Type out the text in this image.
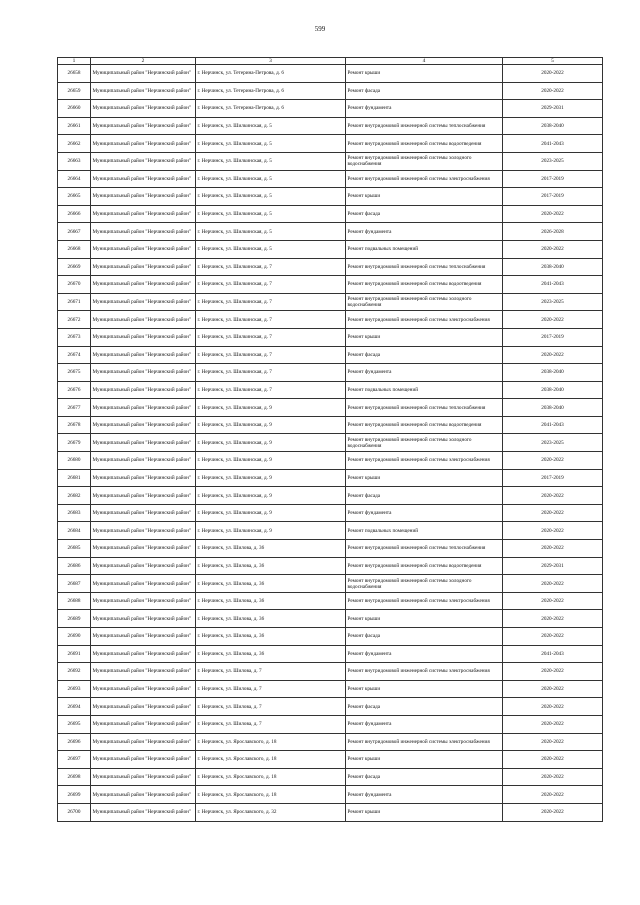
599
1	2	3	4	5
26658	Муниципальный район "Нерчинский район"	г. Нерчинск, ул. Тетерина-Петрова, д. 6	Ремонт крыши	2020-2022
26659	Муниципальный район "Нерчинский район"	г. Нерчинск, ул. Тетерина-Петрова, д. 6	Ремонт фасада	2020-2022
26660	Муниципальный район "Нерчинский район"	г. Нерчинск, ул. Тетерина-Петрова, д. 6	Ремонт фундамента	2029-2031
26661	Муниципальный район "Нерчинский район"	г. Нерчинск, ул. Шилкинская, д. 5	Ремонт внутридомовой инженерной системы теплоснабжения	2038-2040
26662	Муниципальный район "Нерчинский район"	г. Нерчинск, ул. Шилкинская, д. 5	Ремонт внутридомовой инженерной системы водоотведения	2041-2043
26663	Муниципальный район "Нерчинский район"	г. Нерчинск, ул. Шилкинская, д. 5	Ремонт внутридомовой инженерной системы холодного водоснабжения	2023-2025
26664	Муниципальный район "Нерчинский район"	г. Нерчинск, ул. Шилкинская, д. 5	Ремонт внутридомовой инженерной системы электроснабжения	2017-2019
26665	Муниципальный район "Нерчинский район"	г. Нерчинск, ул. Шилкинская, д. 5	Ремонт крыши	2017-2019
26666	Муниципальный район "Нерчинский район"	г. Нерчинск, ул. Шилкинская, д. 5	Ремонт фасада	2020-2022
26667	Муниципальный район "Нерчинский район"	г. Нерчинск, ул. Шилкинская, д. 5	Ремонт фундамента	2026-2028
26668	Муниципальный район "Нерчинский район"	г. Нерчинск, ул. Шилкинская, д. 5	Ремонт подвальных помещений	2020-2022
26669	Муниципальный район "Нерчинский район"	г. Нерчинск, ул. Шилкинская, д. 7	Ремонт внутридомовой инженерной системы теплоснабжения	2038-2040
26670	Муниципальный район "Нерчинский район"	г. Нерчинск, ул. Шилкинская, д. 7	Ремонт внутридомовой инженерной системы водоотведения	2041-2043
26671	Муниципальный район "Нерчинский район"	г. Нерчинск, ул. Шилкинская, д. 7	Ремонт внутридомовой инженерной системы холодного водоснабжения	2023-2025
26672	Муниципальный район "Нерчинский район"	г. Нерчинск, ул. Шилкинская, д. 7	Ремонт внутридомовой инженерной системы электроснабжения	2020-2022
26673	Муниципальный район "Нерчинский район"	г. Нерчинск, ул. Шилкинская, д. 7	Ремонт крыши	2017-2019
26674	Муниципальный район "Нерчинский район"	г. Нерчинск, ул. Шилкинская, д. 7	Ремонт фасада	2020-2022
26675	Муниципальный район "Нерчинский район"	г. Нерчинск, ул. Шилкинская, д. 7	Ремонт фундамента	2038-2040
26676	Муниципальный район "Нерчинский район"	г. Нерчинск, ул. Шилкинская, д. 7	Ремонт подвальных помещений	2038-2040
26677	Муниципальный район "Нерчинский район"	г. Нерчинск, ул. Шилкинская, д. 9	Ремонт внутридомовой инженерной системы теплоснабжения	2038-2040
26678	Муниципальный район "Нерчинский район"	г. Нерчинск, ул. Шилкинская, д. 9	Ремонт внутридомовой инженерной системы водоотведения	2041-2043
26679	Муниципальный район "Нерчинский район"	г. Нерчинск, ул. Шилкинская, д. 9	Ремонт внутридомовой инженерной системы холодного водоснабжения	2023-2025
26680	Муниципальный район "Нерчинский район"	г. Нерчинск, ул. Шилкинская, д. 9	Ремонт внутридомовой инженерной системы электроснабжения	2020-2022
26681	Муниципальный район "Нерчинский район"	г. Нерчинск, ул. Шилкинская, д. 9	Ремонт крыши	2017-2019
26682	Муниципальный район "Нерчинский район"	г. Нерчинск, ул. Шилкинская, д. 9	Ремонт фасада	2020-2022
26683	Муниципальный район "Нерчинский район"	г. Нерчинск, ул. Шилкинская, д. 9	Ремонт фундамента	2020-2022
26684	Муниципальный район "Нерчинский район"	г. Нерчинск, ул. Шилкинская, д. 9	Ремонт подвальных помещений	2020-2022
26685	Муниципальный район "Нерчинский район"	г. Нерчинск, ул. Шилова, д. 36	Ремонт внутридомовой инженерной системы теплоснабжения	2020-2022
26686	Муниципальный район "Нерчинский район"	г. Нерчинск, ул. Шилова, д. 36	Ремонт внутридомовой инженерной системы водоотведения	2029-2031
26687	Муниципальный район "Нерчинский район"	г. Нерчинск, ул. Шилова, д. 36	Ремонт внутридомовой инженерной системы холодного водоснабжения	2020-2022
26688	Муниципальный район "Нерчинский район"	г. Нерчинск, ул. Шилова, д. 36	Ремонт внутридомовой инженерной системы электроснабжения	2020-2022
26689	Муниципальный район "Нерчинский район"	г. Нерчинск, ул. Шилова, д. 36	Ремонт крыши	2020-2022
26690	Муниципальный район "Нерчинский район"	г. Нерчинск, ул. Шилова, д. 36	Ремонт фасада	2020-2022
26691	Муниципальный район "Нерчинский район"	г. Нерчинск, ул. Шилова, д. 36	Ремонт фундамента	2041-2043
26692	Муниципальный район "Нерчинский район"	г. Нерчинск, ул. Шилова, д. 7	Ремонт внутридомовой инженерной системы электроснабжения	2020-2022
26693	Муниципальный район "Нерчинский район"	г. Нерчинск, ул. Шилова, д. 7	Ремонт крыши	2020-2022
26694	Муниципальный район "Нерчинский район"	г. Нерчинск, ул. Шилова, д. 7	Ремонт фасада	2020-2022
26695	Муниципальный район "Нерчинский район"	г. Нерчинск, ул. Шилова, д. 7	Ремонт фундамента	2020-2022
26696	Муниципальный район "Нерчинский район"	г. Нерчинск, ул. Ярославского, д. 18	Ремонт внутридомовой инженерной системы электроснабжения	2020-2022
26697	Муниципальный район "Нерчинский район"	г. Нерчинск, ул. Ярославского, д. 18	Ремонт крыши	2020-2022
26698	Муниципальный район "Нерчинский район"	г. Нерчинск, ул. Ярославского, д. 18	Ремонт фасада	2020-2022
26699	Муниципальный район "Нерчинский район"	г. Нерчинск, ул. Ярославского, д. 18	Ремонт фундамента	2020-2022
26700	Муниципальный район "Нерчинский район"	г. Нерчинск, ул. Ярославского, д. 32	Ремонт крыши	2020-2022
